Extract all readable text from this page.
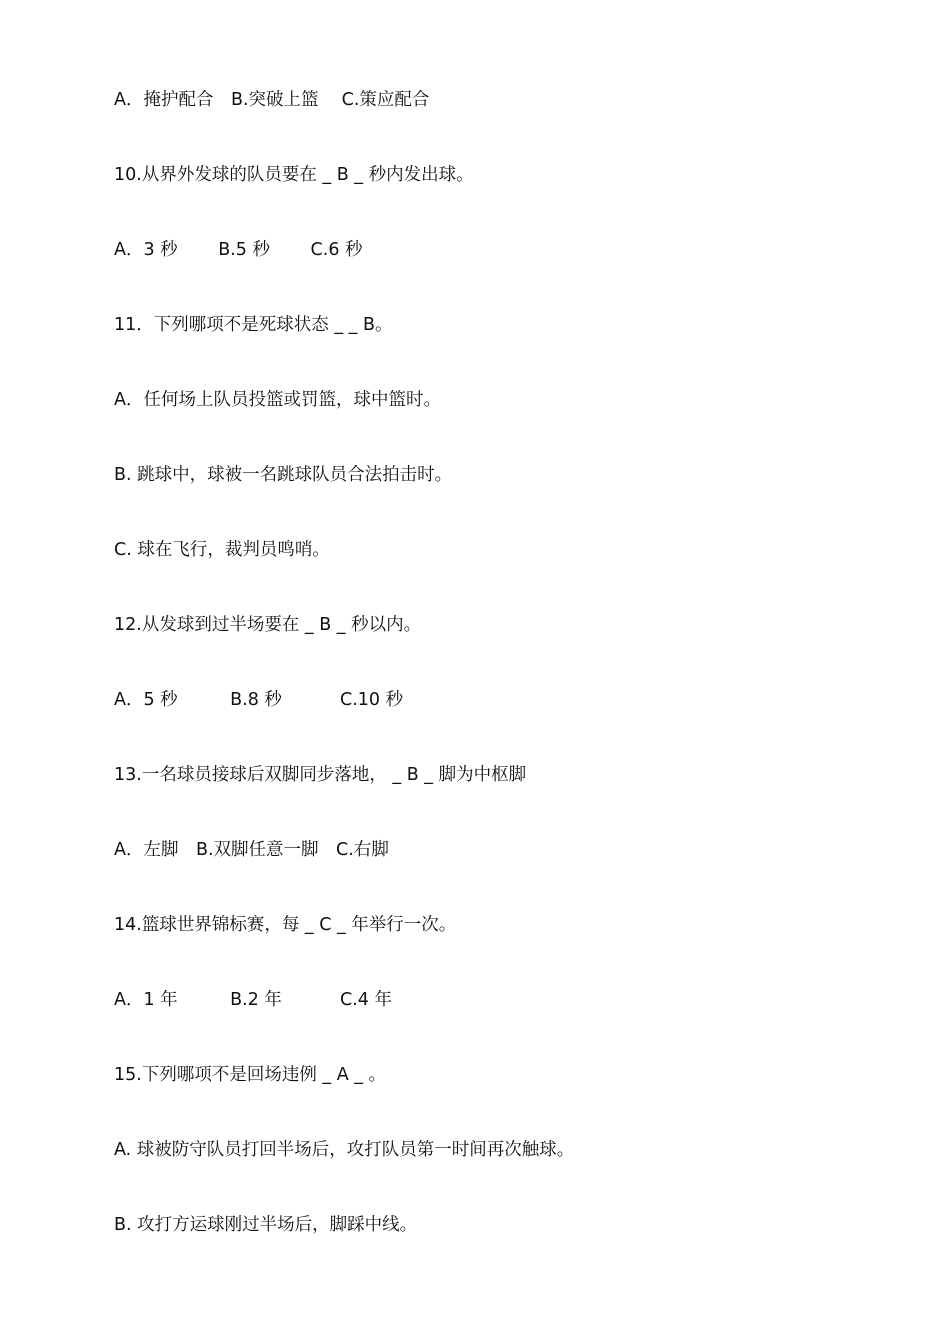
A．掩护配合　B.突破上篮　 C.策应配合
10.从界外发球的队员要在 _ B _ 秒内发出球。
A．3 秒　　 B.5 秒　　 C.6 秒
11．下列哪项不是死球状态 _ _ B。
A．任何场上队员投篮或罚篮，球中篮时。
B. 跳球中，球被一名跳球队员合法拍击时。
C. 球在飞行，裁判员鸣哨。
12.从发球到过半场要在 _ B _ 秒以内。
A．5 秒　　　B.8 秒　　　 C.10 秒
13.一名球员接球后双脚同步落地， _ B _ 脚为中枢脚
A．左脚　B.双脚任意一脚　C.右脚
14.篮球世界锦标赛，每 _ C _ 年举行一次。
A．1 年　　　B.2 年　　　 C.4 年
15.下列哪项不是回场违例 _ A _ 。
A. 球被防守队员打回半场后，攻打队员第一时间再次触球。
B. 攻打方运球刚过半场后，脚踩中线。
